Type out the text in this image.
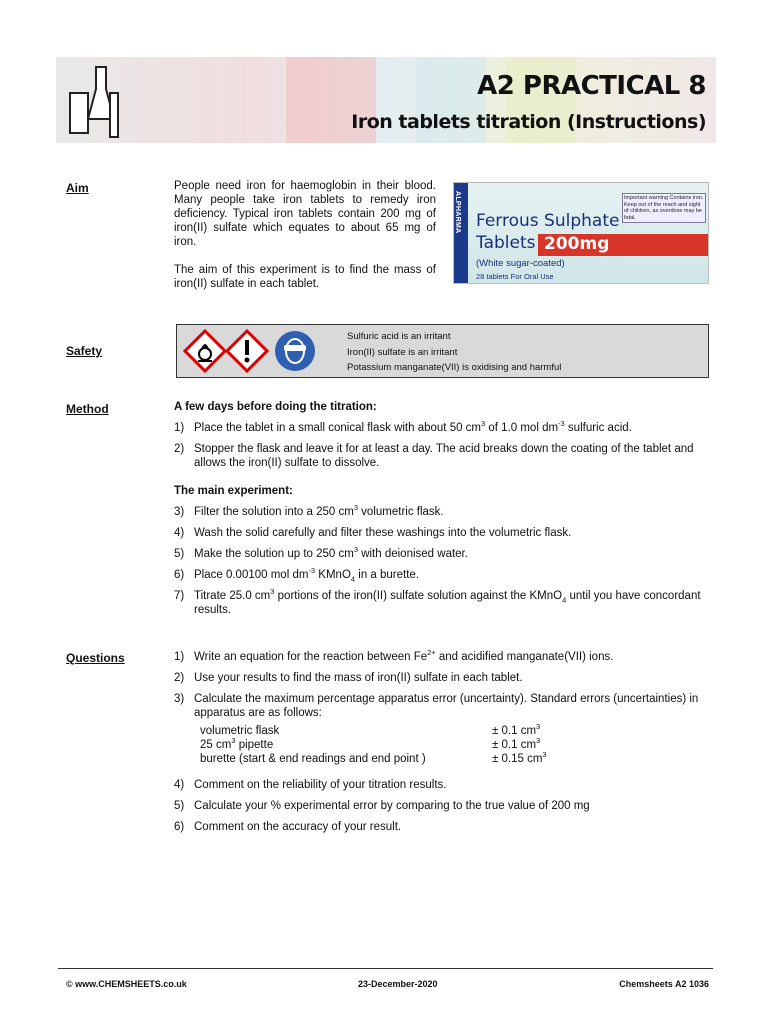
A2 PRACTICAL 8
Iron tablets titration (Instructions)
Aim	People need iron for haemoglobin in their blood. Many people take iron tablets to remedy iron deficiency. Typical iron tablets contain 200 mg of iron(II) sulfate which equates to about 65 mg of iron.

The aim of this experiment is to find the mass of iron(II) sulfate in each tablet.

ALPHARMA	Important warning Contains iron. Keep out of the reach and sight of children, as overdose may be fatal.
Ferrous Sulphate
Tablets 200mg
(White sugar-coated)
28 tablets For Oral Use
Safety
Sulfuric acid is an irritant
Iron(II) sulfate is an irritant
Potassium manganate(VII) is oxidising and harmful
Method	A few days before doing the titration:
1) Place the tablet in a small conical flask with about 50 $cm^3$ of 1.0 mol $dm^{-3}$ sulfuric acid.
2) Stopper the flask and leave it for at least a day. The acid breaks down the coating of the tablet and allows the iron(II) sulfate to dissolve.
The main experiment:
3) Filter the solution into a 250 $cm^3$ volumetric flask.
4) Wash the solid carefully and filter these washings into the volumetric flask.
5) Make the solution up to 250 $cm^3$ with deionised water.
6) Place 0.00100 mol $dm^{-3}$ KMnO$_4$ in a burette.
7) Titrate 25.0 $cm^3$ portions of the iron(II) sulfate solution against the KMnO$_4$ until you have concordant results.
Questions	1) Write an equation for the reaction between $Fe^{2+}$ and acidified manganate(VII) ions.
2) Use your results to find the mass of iron(II) sulfate in each tablet.
3) Calculate the maximum percentage apparatus error (uncertainty). Standard errors (uncertainties) in apparatus are as follows:
volumetric flask	± 0.1 $cm^3$
25 $cm^3$ pipette	± 0.1 $cm^3$
burette (start & end readings and end point )	± 0.15 $cm^3$
4) Comment on the reliability of your titration results.
5) Calculate your % experimental error by comparing to the true value of 200 mg
6) Comment on the accuracy of your result.
© www.CHEMSHEETS.co.uk	23-December-2020	Chemsheets A2 1036
